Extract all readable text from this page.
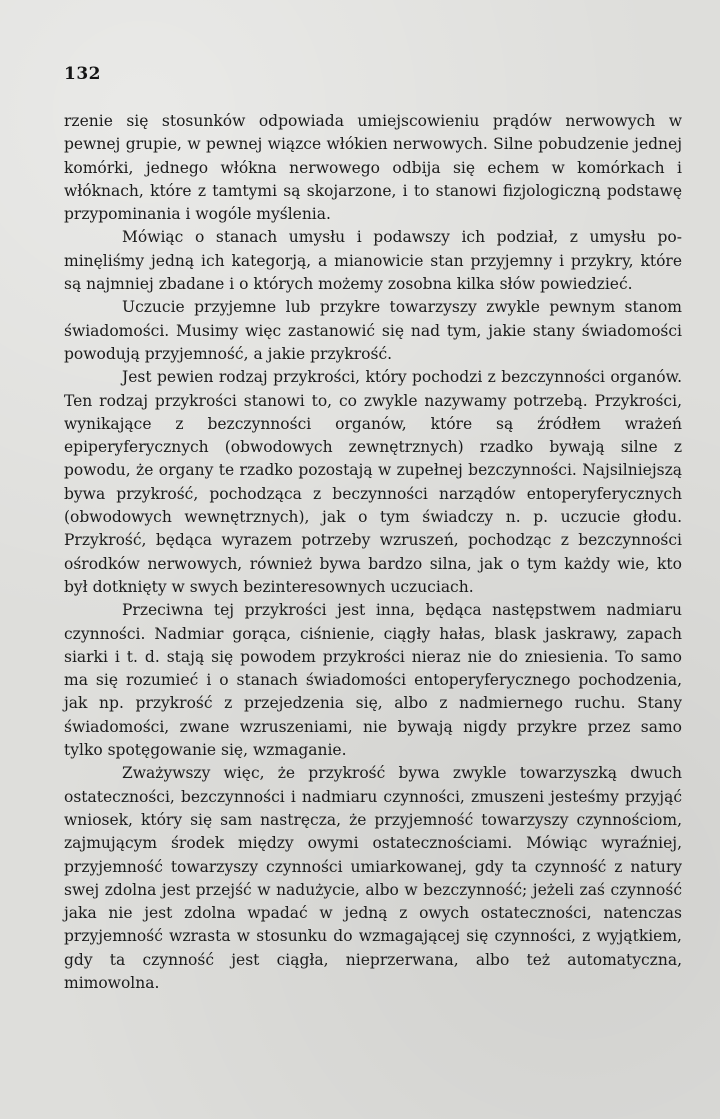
132

rzenie się stosunków odpowiada umiejscowieniu prądów nerwowych w pewnej grupie, w pewnej wiązce włókien nerwowych. Silne pobudzenie jednej komórki, jednego włókna nerwowego odbija się echem w komórkach i włóknach, które z tamtymi są skojarzone, i to stanowi fizjologiczną podstawę przypominania i wogóle myślenia.

Mówiąc o stanach umysłu i podawszy ich podział, z umysłu pominęliśmy jedną ich kategorją, a mianowicie stan przyjemny i przykry, które są najmniej zbadane i o których możemy zosobna kilka słów powiedzieć.

Uczucie przyjemne lub przykre towarzyszy zwykle pewnym stanom świadomości. Musimy więc zastanowić się nad tym, jakie stany świadomości powodują przyjemność, a jakie przykrość.

Jest pewien rodzaj przykrości, który pochodzi z bezczynności organów. Ten rodzaj przykrości stanowi to, co zwykle nazywamy potrzebą. Przykrości, wynikające z bezczynności organów, które są źródłem wrażeń epiperyferycznych (obwodowych zewnętrznych) rzadko bywają silne z powodu, że organy te rzadko pozostają w zupełnej bezczynności. Najsilniejszą bywa przykrość, pochodząca z beczynności narządów entoperyferycznych (obwodowych wewnętrznych), jak o tym świadczy n. p. uczucie głodu. Przykrość, będąca wyrazem potrzeby wzruszeń, pochodząc z bezczynności ośrodków nerwowych, również bywa bardzo silna, jak o tym każdy wie, kto był dotknięty w swych bezinteresownych uczuciach.

Przeciwna tej przykrości jest inna, będąca następstwem nadmiaru czynności. Nadmiar gorąca, ciśnienie, ciągły hałas, blask jaskrawy, zapach siarki i t. d. stają się powodem przykrości nieraz nie do zniesienia. To samo ma się rozumieć i o stanach świadomości entoperyferycznego pochodzenia, jak np. przykrość z przejedzenia się, albo z nadmiernego ruchu. Stany świadomości, zwane wzruszeniami, nie bywają nigdy przykre przez samo tylko spotęgowanie się, wzmaganie.

Zważywszy więc, że przykrość bywa zwykle towarzyszką dwuch ostateczności, bezczynności i nadmiaru czynności, zmuszeni jesteśmy przyjąć wniosek, który się sam nastręcza, że przyjemność towarzyszy czynnościom, zajmującym środek między owymi ostatecznościami. Mówiąc wyraźniej, przyjemność towarzyszy czynności umiarkowanej, gdy ta czynność z natury swej zdolna jest przejść w nadużycie, albo w bezczynność; jeżeli zaś czynność jaka nie jest zdolna wpadać w jedną z owych ostateczności, natenczas przyjemność wzrasta w stosunku do wzmagającej się czynności, z wyjątkiem, gdy ta czynność jest ciągła, nieprzerwana, albo też automatyczna, mimowolna.
